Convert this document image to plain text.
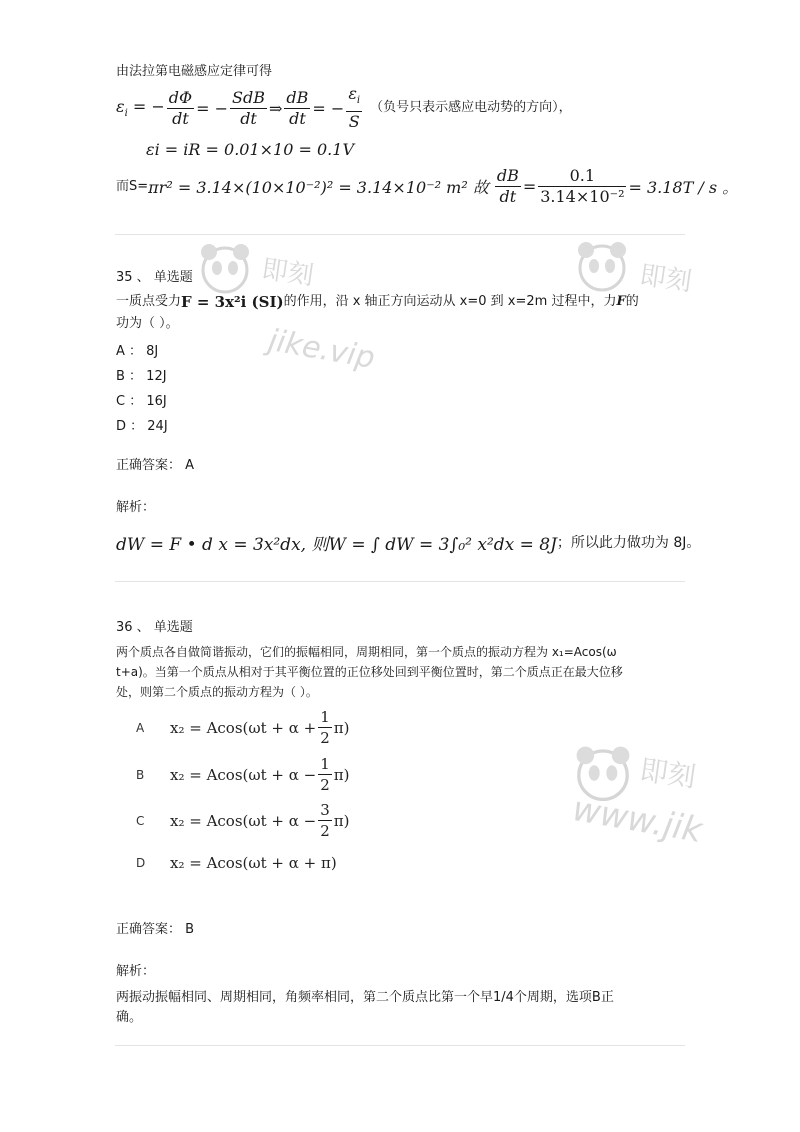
即刻
jike.vip
即刻
即刻
www.jik
由法拉第电磁感应定律可得
$\varepsilon_i$ = − $\frac{d\Phi}{dt}$ = − $\frac{\text{SdB}}{dt}$ ⇒ $\frac{dB}{dt}$ = − $\frac{\varepsilon_i}{S}$ （负号只表示感应电动势的方向），
εi = iR = 0.01×10 = 0.1V
而S= πr² = 3.14×(10×10⁻²)² = 3.14×10⁻² m² 故 $\frac{dB}{dt} = \frac{0.1}{\text{3.14×10⁻²}} = 3.18T / s$ 。
35 、 单选题
一质点受力 F = 3x²i (SI) 的作用，沿 x 轴正方向运动从 x=0 到 x=2m 过程中，力 F 的
功为（ ）。
A ： 8J
B ： 12J
C ： 16J
D ： 24J
正确答案： A
解析：
dW = F • d x = 3x²dx, 则W = ∫ dW = 3∫₀² x²dx = 8J ；所以此力做功为 8J。
36 、 单选题
两个质点各自做简谐振动，它们的振幅相同，周期相同，第一个质点的振动方程为 x₁=Acos(ω
t+a)。当第一个质点从相对于其平衡位置的正位移处回到平衡位置时，第二个质点正在最大位移
处，则第二个质点的振动方程为（ ）。
A	$x_2 = Acos(\omega t + \alpha + \frac{1}{2} \pi)$
B	$x_2 = Acos(\omega t + \alpha - \frac{1}{2} \pi)$
C	$x_2 = Acos(\omega t + \alpha - \frac{3}{2} \pi)$
D	x₂ = Acos(ωt + α + π)
正确答案： B
解析：
两振动振幅相同、周期相同，角频率相同，第二个质点比第一个早1/4个周期，选项B正
确。
